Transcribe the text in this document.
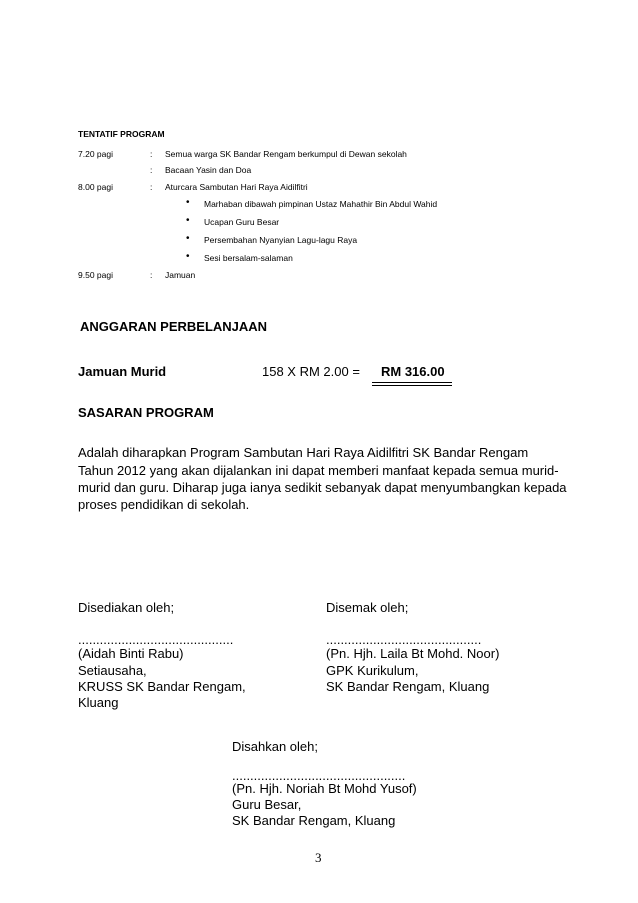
TENTATIF PROGRAM
7.20 pagi	: Semua warga SK Bandar Rengam berkumpul di Dewan sekolah
: Bacaan Yasin dan Doa
8.00 pagi	: Aturcara Sambutan Hari Raya Aidilfitri
• Marhaban dibawah pimpinan Ustaz Mahathir Bin Abdul Wahid
• Ucapan Guru Besar
• Persembahan Nyanyian Lagu-lagu Raya
• Sesi bersalam-salaman
9.50 pagi	: Jamuan
ANGGARAN PERBELANJAAN
Jamuan Murid	158 X RM 2.00 = RM 316.00
SASARAN PROGRAM
Adalah diharapkan Program Sambutan Hari Raya Aidilfitri SK Bandar Rengam
Tahun 2012 yang akan dijalankan ini dapat memberi manfaat kepada semua murid-
murid dan guru. Diharap juga ianya sedikit sebanyak dapat menyumbangkan kepada
proses pendidikan di sekolah.
Disediakan oleh;
...........................................
(Aidah Binti Rabu)
Setiausaha,
KRUSS SK Bandar Rengam,
Kluang
Disemak oleh;
...........................................
(Pn. Hjh. Laila Bt Mohd. Noor)
GPK Kurikulum,
SK Bandar Rengam, Kluang
Disahkan oleh;
................................................
(Pn. Hjh. Noriah Bt Mohd Yusof)
Guru Besar,
SK Bandar Rengam, Kluang
3
